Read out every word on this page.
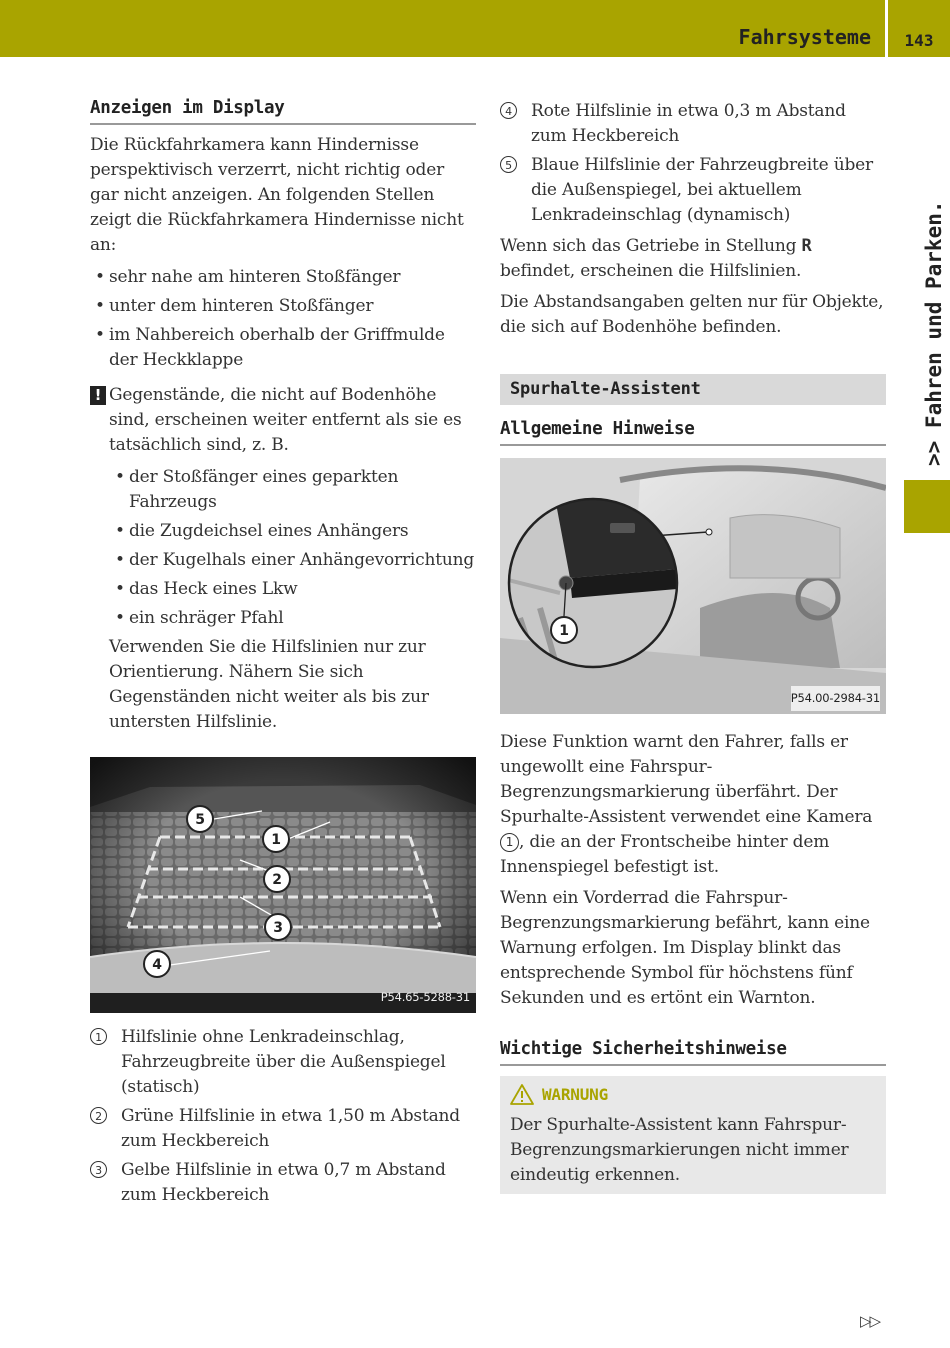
Fahrsysteme	143
>> Fahren und Parken.
Anzeigen im Display

Die Rückfahrkamera kann Hindernisse perspektivisch verzerrt, nicht richtig oder gar nicht anzeigen. An folgenden Stellen zeigt die Rückfahrkamera Hindernisse nicht an:

• sehr nahe am hinteren Stoßfänger
• unter dem hinteren Stoßfänger
• im Nahbereich oberhalb der Griffmulde der Heckklappe
! Gegenstände, die nicht auf Bodenhöhe sind, erscheinen weiter entfernt als sie es tatsächlich sind, z. B.
• der Stoßfänger eines geparkten Fahrzeugs
• die Zugdeichsel eines Anhängers
• der Kugelhals einer Anhängevorrichtung
• das Heck eines Lkw
• ein schräger Pfahl

Verwenden Sie die Hilfslinien nur zur Orientierung. Nähern Sie sich Gegenständen nicht weiter als bis zur untersten Hilfslinie.

5
1
2
3
4
P54.65-5288-31
1 Hilfslinie ohne Lenkradeinschlag, Fahrzeugbreite über die Außenspiegel (statisch)
2 Grüne Hilfslinie in etwa 1,50 m Abstand zum Heckbereich
3 Gelbe Hilfslinie in etwa 0,7 m Abstand zum Heckbereich
4 Rote Hilfslinie in etwa 0,3 m Abstand zum Heckbereich
5 Blaue Hilfslinie der Fahrzeugbreite über die Außenspiegel, bei aktuellem Lenkradeinschlag (dynamisch)

Wenn sich das Getriebe in Stellung R befindet, erscheinen die Hilfslinien.

Die Abstandsangaben gelten nur für Objekte, die sich auf Bodenhöhe befinden.

Spurhalte-Assistent
Allgemeine Hinweise
1
P54.00-2984-31

Diese Funktion warnt den Fahrer, falls er ungewollt eine Fahrspur-Begrenzungsmarkierung überfährt. Der Spurhalte-Assistent verwendet eine Kamera 1 , die an der Frontscheibe hinter dem Innenspiegel befestigt ist.

Wenn ein Vorderrad die Fahrspur-Begrenzungsmarkierung befährt, kann eine Warnung erfolgen. Im Display blinkt das entsprechende Symbol für höchstens fünf Sekunden und es ertönt ein Warnton.

Wichtige Sicherheitshinweise
WARNUNG

Der Spurhalte-Assistent kann Fahrspur-Begrenzungsmarkierungen nicht immer eindeutig erkennen.

▷▷
